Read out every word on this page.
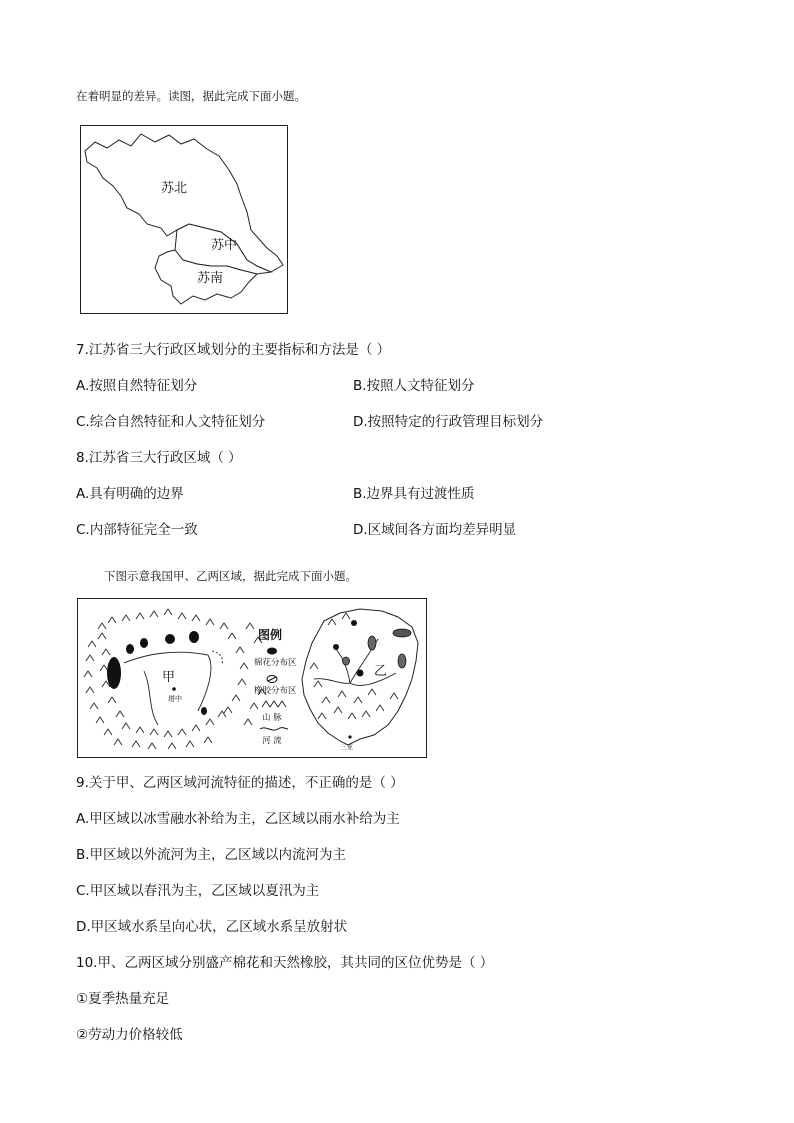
在着明显的差异。读图，据此完成下面小题。
苏北
苏中
苏南
7.江苏省三大行政区域划分的主要指标和方法是（ ）
A.按照自然特征划分	B.按照人文特征划分
C.综合自然特征和人文特征划分	D.按照特定的行政管理目标划分
8.江苏省三大行政区域（ ）
A.具有明确的边界	B.边界具有过渡性质
C.内部特征完全一致	D.区域间各方面均差异明显
下图示意我国甲、乙两区域，据此完成下面小题。
甲
塔中
图例
棉花分布区
橡胶分布区
山 脉
河 流
乙
三亚
9.关于甲、乙两区域河流特征的描述，不正确的是（ ）
A.甲区域以冰雪融水补给为主，乙区域以雨水补给为主
B.甲区域以外流河为主，乙区域以内流河为主
C.甲区域以春汛为主，乙区域以夏汛为主
D.甲区域水系呈向心状，乙区域水系呈放射状
10.甲、乙两区域分别盛产棉花和天然橡胶，其共同的区位优势是（ ）
①夏季热量充足
②劳动力价格较低
